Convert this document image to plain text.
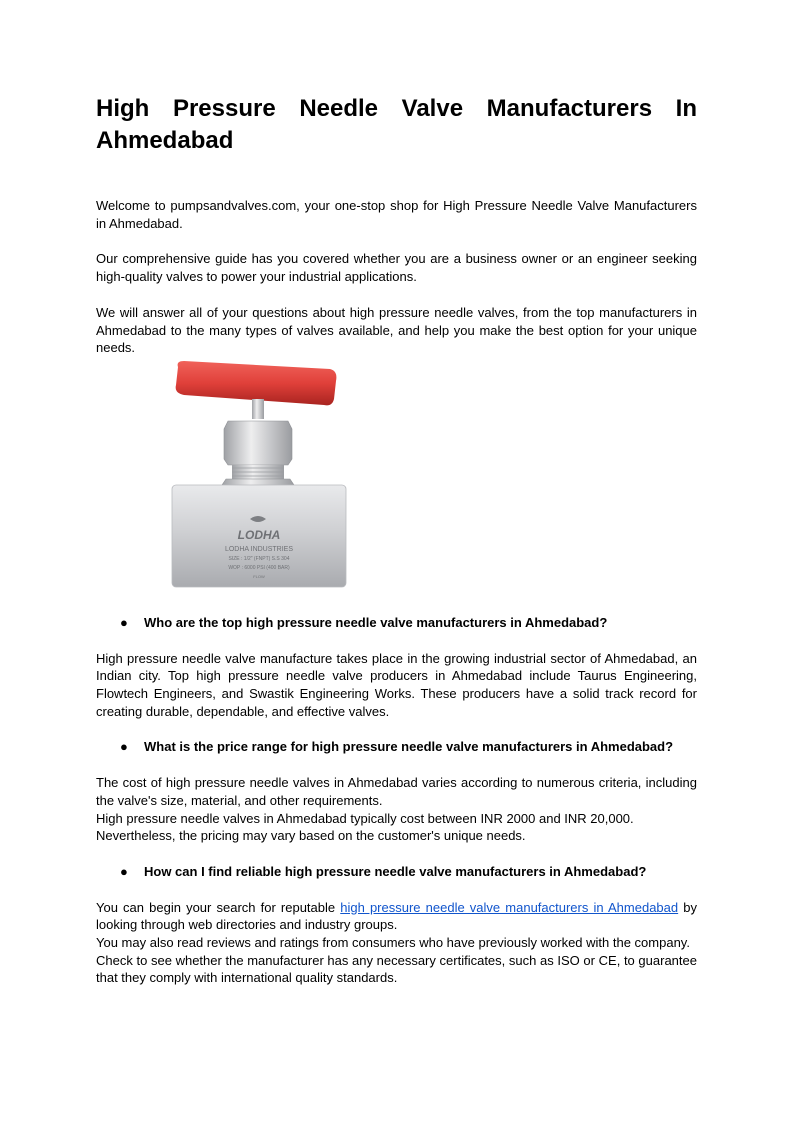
High Pressure Needle Valve Manufacturers In Ahmedabad

Welcome to pumpsandvalves.com, your one-stop shop for High Pressure Needle Valve Manufacturers in Ahmedabad.

Our comprehensive guide has you covered whether you are a business owner or an engineer seeking high-quality valves to power your industrial applications.

We will answer all of your questions about high pressure needle valves, from the top manufacturers in Ahmedabad to the many types of valves available, and help you make the best option for your unique needs.

LODHA
LODHA INDUSTRIES
SIZE : 1/2" (FNPT) S.S 304
WOP : 6000 PSI (400 BAR)
FLOW
● Who are the top high pressure needle valve manufacturers in Ahmedabad?

High pressure needle valve manufacture takes place in the growing industrial sector of Ahmedabad, an Indian city. Top high pressure needle valve producers in Ahmedabad include Taurus Engineering, Flowtech Engineers, and Swastik Engineering Works. These producers have a solid track record for creating durable, dependable, and effective valves.

● What is the price range for high pressure needle valve manufacturers in Ahmedabad?

The cost of high pressure needle valves in Ahmedabad varies according to numerous criteria, including the valve's size, material, and other requirements.

High pressure needle valves in Ahmedabad typically cost between INR 2000 and INR 20,000.

Nevertheless, the pricing may vary based on the customer's unique needs.

● How can I find reliable high pressure needle valve manufacturers in Ahmedabad?

You can begin your search for reputable high pressure needle valve manufacturers in Ahmedabad by looking through web directories and industry groups.

You may also read reviews and ratings from consumers who have previously worked with the company.

Check to see whether the manufacturer has any necessary certificates, such as ISO or CE, to guarantee that they comply with international quality standards.
